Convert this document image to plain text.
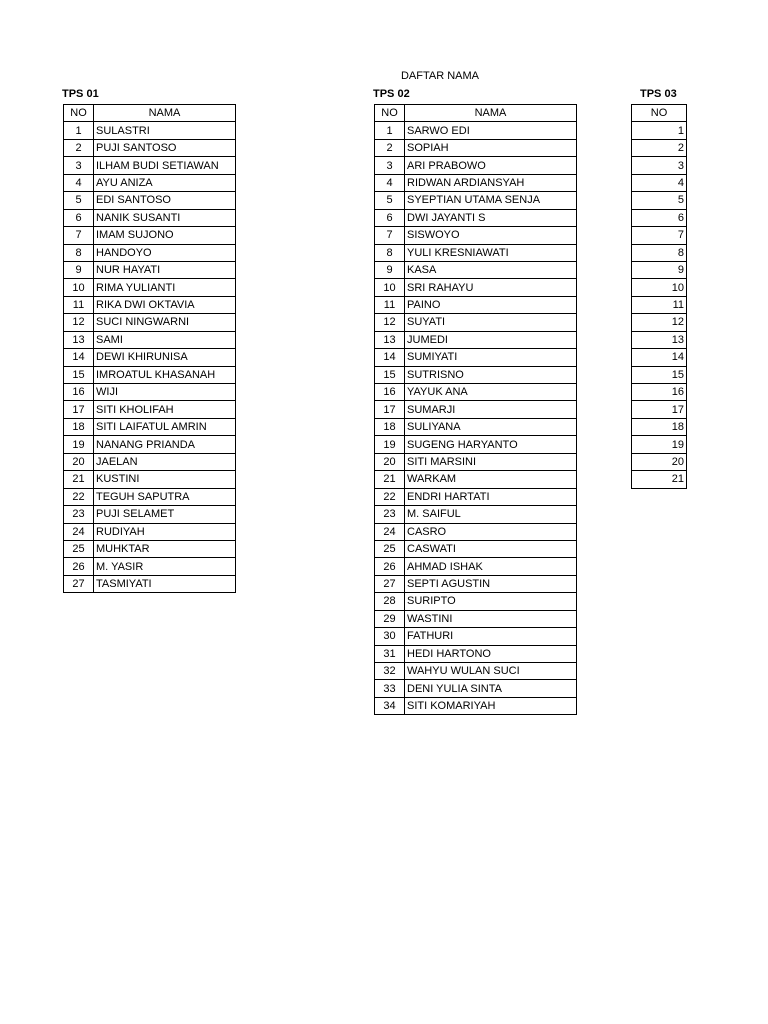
DAFTAR NAMA
TPS 01	TPS 02	TPS 03
NO	NAMA
1	SULASTRI
2	PUJI SANTOSO
3	ILHAM BUDI SETIAWAN
4	AYU ANIZA
5	EDI SANTOSO
6	NANIK SUSANTI
7	IMAM SUJONO
8	HANDOYO
9	NUR HAYATI
10	RIMA YULIANTI
11	RIKA DWI OKTAVIA
12	SUCI NINGWARNI
13	SAMI
14	DEWI KHIRUNISA
15	IMROATUL KHASANAH
16	WIJI
17	SITI KHOLIFAH
18	SITI LAIFATUL AMRIN
19	NANANG PRIANDA
20	JAELAN
21	KUSTINI
22	TEGUH SAPUTRA
23	PUJI SELAMET
24	RUDIYAH
25	MUHKTAR
26	M. YASIR
27	TASMIYATI
NO	NAMA
1	SARWO EDI
2	SOPIAH
3	ARI PRABOWO
4	RIDWAN ARDIANSYAH
5	SYEPTIAN UTAMA SENJA
6	DWI JAYANTI S
7	SISWOYO
8	YULI KRESNIAWATI
9	KASA
10	SRI RAHAYU
11	PAINO
12	SUYATI
13	JUMEDI
14	SUMIYATI
15	SUTRISNO
16	YAYUK ANA
17	SUMARJI
18	SULIYANA
19	SUGENG HARYANTO
20	SITI MARSINI
21	WARKAM
22	ENDRI HARTATI
23	M. SAIFUL
24	CASRO
25	CASWATI
26	AHMAD ISHAK
27	SEPTI AGUSTIN
28	SURIPTO
29	WASTINI
30	FATHURI
31	HEDI HARTONO
32	WAHYU WULAN SUCI
33	DENI YULIA SINTA
34	SITI KOMARIYAH
NO
1
2
3
4
5
6
7
8
9
10
11
12
13
14
15
16
17
18
19
20
21
